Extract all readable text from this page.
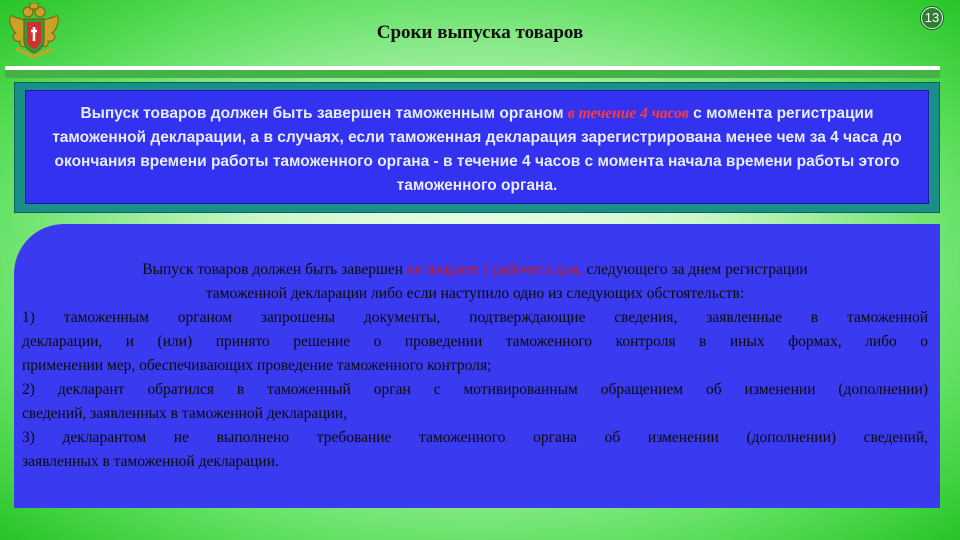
Сроки выпуска товаров
13
Выпуск товаров должен быть завершен таможенным органом в течение 4 часов с момента регистрации таможенной декларации, а в случаях, если таможенная декларация зарегистрирована менее чем за 4 часа до окончания времени работы таможенного органа - в течение 4 часов с момента начала времени работы этого таможенного органа.
Выпуск товаров должен быть завершен не позднее 1 рабочего дня, следующего за днем регистрации
таможенной декларации либо если наступило одно из следующих обстоятельств:
1) таможенным органом запрошены документы, подтверждающие сведения, заявленные в таможенной
декларации, и (или) принято решение о проведении таможенного контроля в иных формах, либо о
применении мер, обеспечивающих проведение таможенного контроля;
2) декларант обратился в таможенный орган с мотивированным обращением об изменении (дополнении)
сведений, заявленных в таможенной декларации,
3) декларантом не выполнено требование таможенного органа об изменении (дополнении) сведений,
заявленных в таможенной декларации.
